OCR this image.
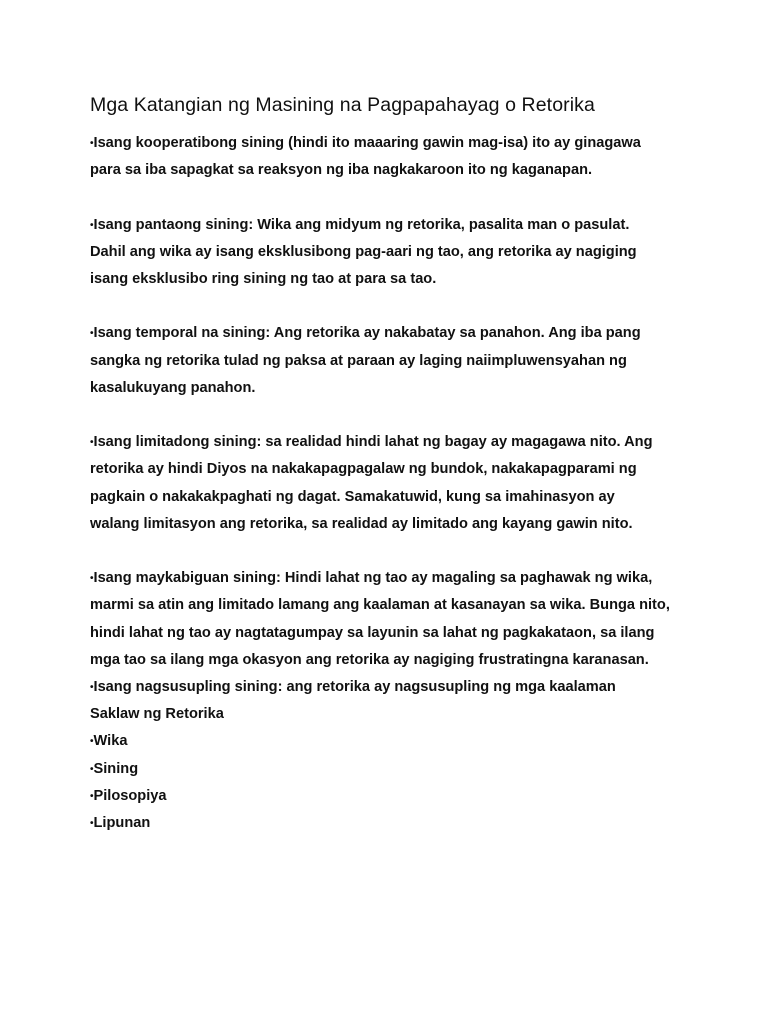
Mga Katangian ng Masining na Pagpapahayag o Retorika

•Isang kooperatibong sining (hindi ito maaaring gawin mag-isa) ito ay ginagawa para sa iba sapagkat sa reaksyon ng iba nagkakaroon ito ng kaganapan.

•Isang pantaong sining: Wika ang midyum ng retorika, pasalita man o pasulat. Dahil ang wika ay isang eksklusibong pag-aari ng tao, ang retorika ay nagiging isang eksklusibo ring sining ng tao at para sa tao.

•Isang temporal na sining: Ang retorika ay nakabatay sa panahon. Ang iba pang sangka ng retorika tulad ng paksa at paraan ay laging naiimpluwensyahan ng kasalukuyang panahon.

•Isang limitadong sining: sa realidad hindi lahat ng bagay ay magagawa nito. Ang retorika ay hindi Diyos na nakakapagpagalaw ng bundok, nakakapagparami ng pagkain o nakakakpaghati ng dagat. Samakatuwid, kung sa imahinasyon ay walang limitasyon ang retorika, sa realidad ay limitado ang kayang gawin nito.

•Isang maykabiguan sining: Hindi lahat ng tao ay magaling sa paghawak ng wika, marmi sa atin ang limitado lamang ang kaalaman at kasanayan sa wika. Bunga nito, hindi lahat ng tao ay nagtatagumpay sa layunin sa lahat ng pagkakataon, sa ilang mga tao sa ilang mga okasyon ang retorika ay nagiging frustratingna karanasan.

•Isang nagsusupling sining: ang retorika ay nagsusupling ng mga kaalaman

Saklaw ng Retorika

•Wika

•Sining

•Pilosopiya

•Lipunan
